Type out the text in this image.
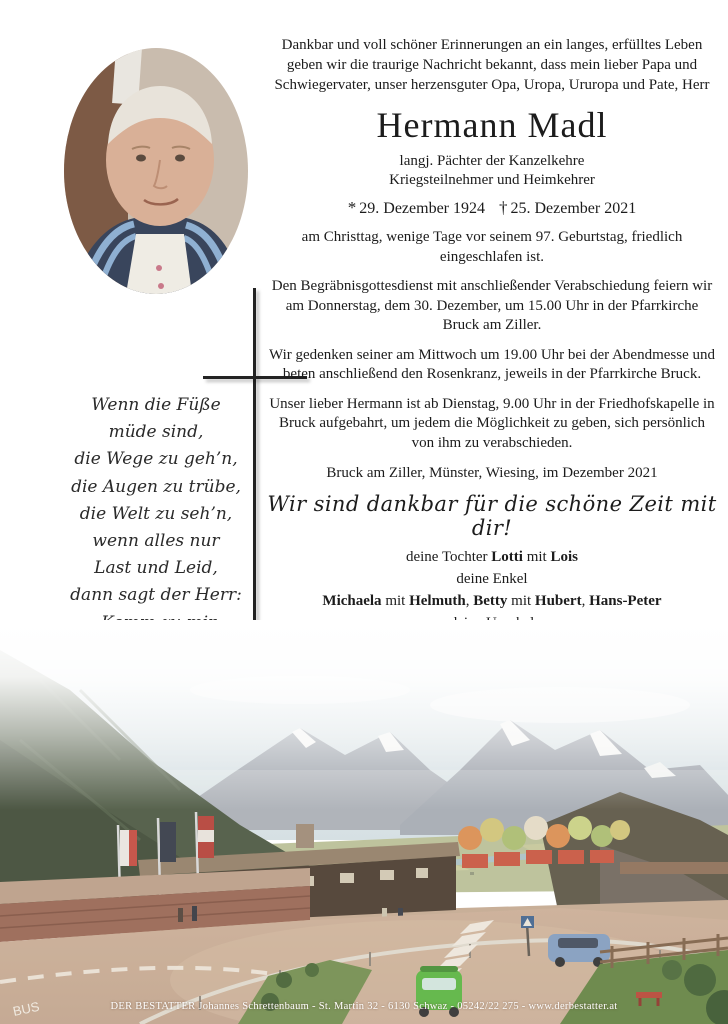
Wenn die Füße
müde sind,
die Wege zu geh’n,
die Augen zu trübe,
die Welt zu seh’n,
wenn alles nur
Last und Leid,
dann sagt der Herr:
Dankbar und voll schöner Erinnerungen an ein langes, erfülltes Leben geben wir die traurige Nachricht bekannt, dass mein lieber Papa und Schwiegervater, unser herzensguter Opa, Uropa, Ururopa und Pate, Herr
Hermann Madl
langj. Pächter der Kanzelkehre
Kriegsteilnehmer und Heimkehrer
* 29. Dezember 1924 † 25. Dezember 2021
am Christtag, wenige Tage vor seinem 97. Geburtstag, friedlich eingeschlafen ist.
Den Begräbnisgottesdienst mit anschließender Verabschiedung feiern wir am Donnerstag, dem 30. Dezember, um 15.00 Uhr in der Pfarrkirche Bruck am Ziller.
Wir gedenken seiner am Mittwoch um 19.00 Uhr bei der Abendmesse und beten anschließend den Rosenkranz, jeweils in der Pfarrkirche Bruck.
Unser lieber Hermann ist ab Dienstag, 9.00 Uhr in der Friedhofskapelle in Bruck aufgebahrt, um jedem die Möglichkeit zu geben, sich persönlich von ihm zu verabschieden.
Bruck am Ziller, Münster, Wiesing, im Dezember 2021
Wir sind dankbar für die schöne Zeit mit dir!
deine Tochter Lotti mit Lois
deine Enkel
Michaela mit Helmuth, Betty mit Hubert, Hans-Peter
BUS	DER BESTATTER Johannes Schrettenbaum - St. Martin 32 - 6130 Schwaz - 05242/22 275 - www.derbestatter.at
